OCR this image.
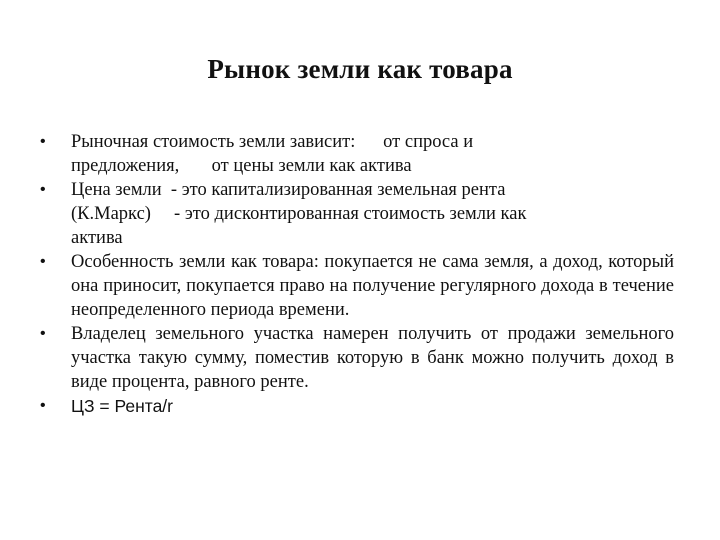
Рынок земли как товара
• Рыночная стоимость земли зависит:      от спроса и
предложения,       от цены земли как актива
• Цена земли  - это капитализированная земельная рента
(К.Маркс)     - это дисконтированная стоимость земли как
актива
• Особенность земли как товара: покупается не сама земля, а доход, который она приносит, покупается право на получение регулярного дохода в течение неопределенного периода времени.
• Владелец земельного участка намерен получить от продажи земельного участка такую сумму, поместив которую в банк можно получить доход в виде процента, равного ренте.
• ЦЗ = Рента/r
